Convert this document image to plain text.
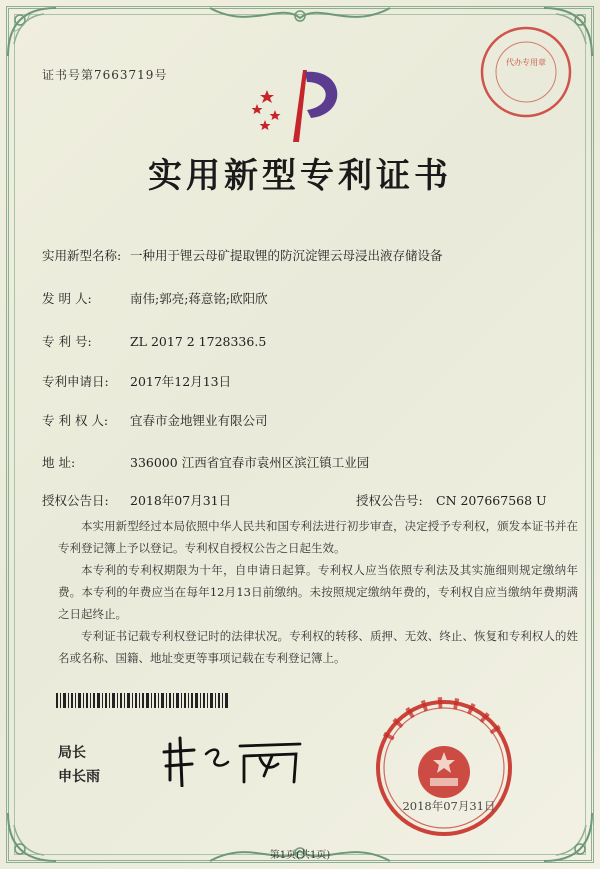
证书号第7663719号
代办专用章
实用新型专利证书
实用新型名称: 一种用于锂云母矿提取锂的防沉淀锂云母浸出液存储设备
发 明 人:	南伟;郭亮;蒋意铭;欧阳欣
专 利 号:	ZL 2017 2 1728336.5
专利申请日: 2017年12月13日
专 利 权 人: 宜春市金地锂业有限公司
地 址:	336000 江西省宜春市袁州区滨江镇工业园
授权公告日: 2018年07月31日	授权公告号: CN 207667568 U

本实用新型经过本局依照中华人民共和国专利法进行初步审查，决定授予专利权，颁发本证书并在专利登记簿上予以登记。专利权自授权公告之日起生效。

本专利的专利权期限为十年，自申请日起算。专利权人应当依照专利法及其实施细则规定缴纳年费。本专利的年费应当在每年12月13日前缴纳。未按照规定缴纳年费的，专利权自应当缴纳年费期满之日起终止。

专利证书记载专利权登记时的法律状况。专利权的转移、质押、无效、终止、恢复和专利权人的姓名或名称、国籍、地址变更等事项记载在专利登记簿上。

局长
申长雨
2018年07月31日
第1页(共1页)
